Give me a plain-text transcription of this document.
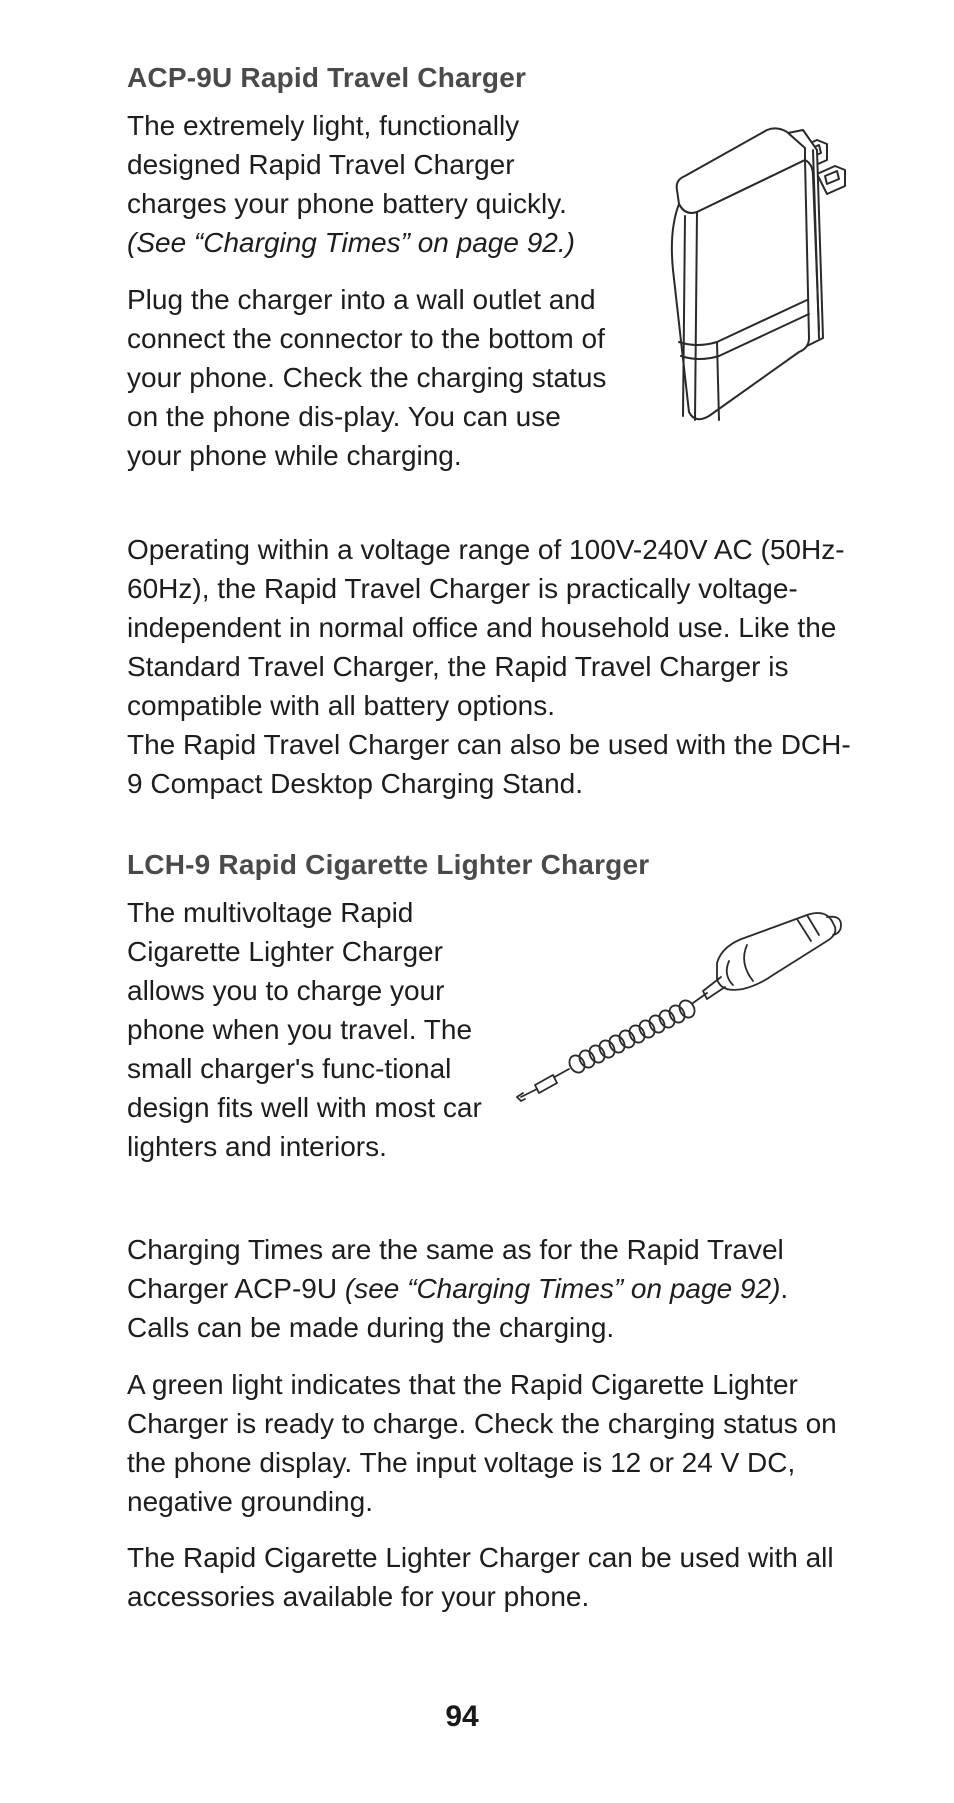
ACP-9U Rapid Travel Charger

The extremely light, functionally designed Rapid Travel Charger charges your phone battery quickly. (See “Charging Times” on page 92.)

Plug the charger into a wall outlet and connect the connector to the bottom of your phone. Check the charging status on the phone dis-play. You can use your phone while charging.

Operating within a voltage range of 100V-240V AC (50Hz-60Hz), the Rapid Travel Charger is practically voltage-independent in normal office and household use. Like the Standard Travel Charger, the Rapid Travel Charger is compatible with all battery options.
The Rapid Travel Charger can also be used with the DCH-9 Compact Desktop Charging Stand.

LCH-9 Rapid Cigarette Lighter Charger

The multivoltage Rapid Cigarette Lighter Charger allows you to charge your phone when you travel. The small charger's func-tional design fits well with most car lighters and interiors.

Charging Times are the same as for the Rapid Travel Charger ACP-9U (see “Charging Times” on page 92). Calls can be made during the charging.

A green light indicates that the Rapid Cigarette Lighter Charger is ready to charge. Check the charging status on the phone display. The input voltage is 12 or 24 V DC, negative grounding.

The Rapid Cigarette Lighter Charger can be used with all accessories available for your phone.

94
